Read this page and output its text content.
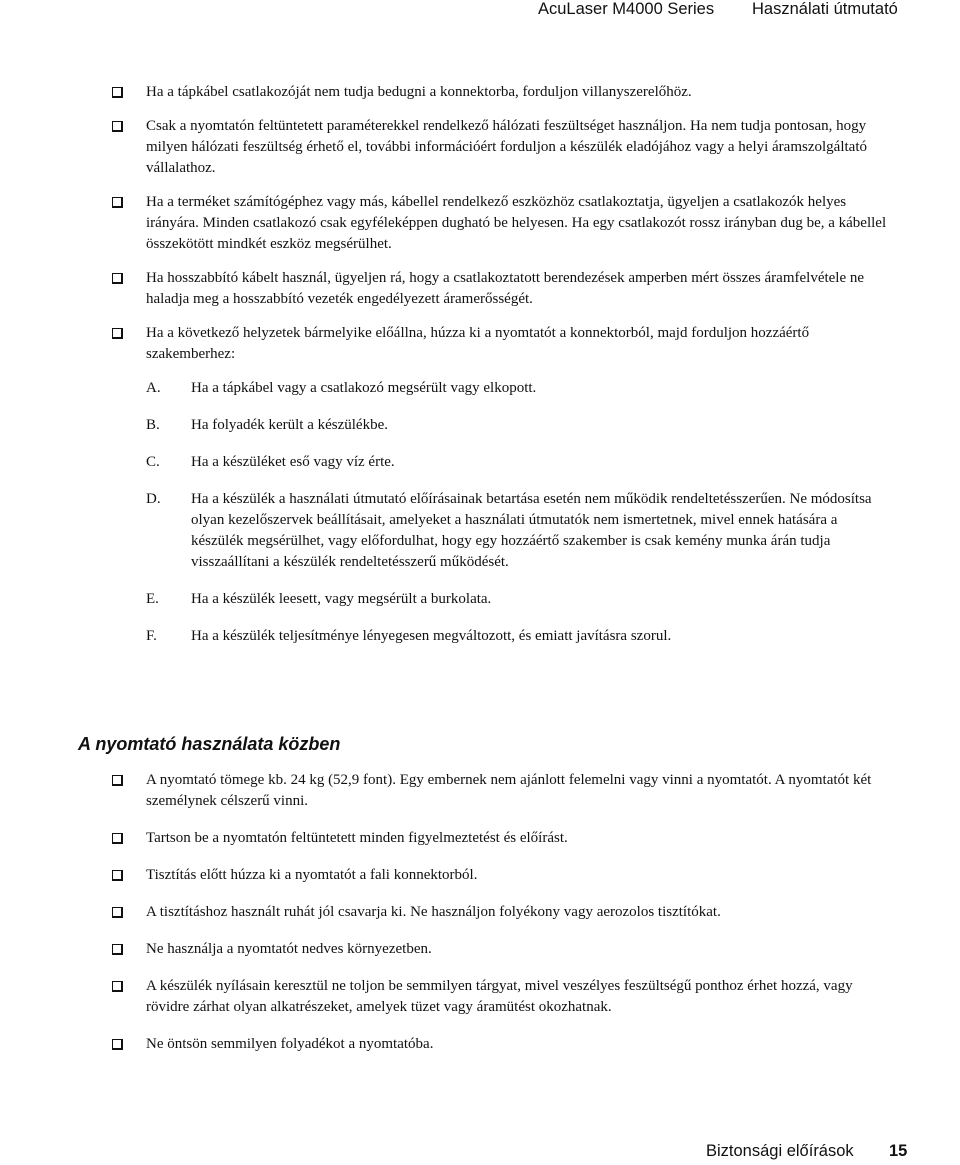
AcuLaser M4000 Series Használati útmutató
Ha a tápkábel csatlakozóját nem tudja bedugni a konnektorba, forduljon villanyszerelőhöz.
Csak a nyomtatón feltüntetett paraméterekkel rendelkező hálózati feszültséget használjon. Ha nem tudja pontosan, hogy milyen hálózati feszültség érhető el, további információért forduljon a készülék eladójához vagy a helyi áramszolgáltató vállalathoz.
Ha a terméket számítógéphez vagy más, kábellel rendelkező eszközhöz csatlakoztatja, ügyeljen a csatlakozók helyes irányára. Minden csatlakozó csak egyféleképpen dugható be helyesen. Ha egy csatlakozót rossz irányban dug be, a kábellel összekötött mindkét eszköz megsérülhet.
Ha hosszabbító kábelt használ, ügyeljen rá, hogy a csatlakoztatott berendezések amperben mért összes áramfelvétele ne haladja meg a hosszabbító vezeték engedélyezett áramerősségét.
Ha a következő helyzetek bármelyike előállna, húzza ki a nyomtatót a konnektorból, majd forduljon hozzáértő szakemberhez:
A. Ha a tápkábel vagy a csatlakozó megsérült vagy elkopott.
B. Ha folyadék került a készülékbe.
C. Ha a készüléket eső vagy víz érte.
D. Ha a készülék a használati útmutató előírásainak betartása esetén nem működik rendeltetésszerűen. Ne módosítsa olyan kezelőszervek beállításait, amelyeket a használati útmutatók nem ismertetnek, mivel ennek hatására a készülék megsérülhet, vagy előfordulhat, hogy egy hozzáértő szakember is csak kemény munka árán tudja visszaállítani a készülék rendeltetésszerű működését.
E. Ha a készülék leesett, vagy megsérült a burkolata.
F. Ha a készülék teljesítménye lényegesen megváltozott, és emiatt javításra szorul.
A nyomtató használata közben
A nyomtató tömege kb. 24 kg (52,9 font). Egy embernek nem ajánlott felemelni vagy vinni a nyomtatót. A nyomtatót két személynek célszerű vinni.
Tartson be a nyomtatón feltüntetett minden figyelmeztetést és előírást.
Tisztítás előtt húzza ki a nyomtatót a fali konnektorból.
A tisztításhoz használt ruhát jól csavarja ki. Ne használjon folyékony vagy aerozolos tisztítókat.
Ne használja a nyomtatót nedves környezetben.
A készülék nyílásain keresztül ne toljon be semmilyen tárgyat, mivel veszélyes feszültségű ponthoz érhet hozzá, vagy rövidre zárhat olyan alkatrészeket, amelyek tüzet vagy áramütést okozhatnak.
Ne öntsön semmilyen folyadékot a nyomtatóba.
Biztonsági előírások 15
